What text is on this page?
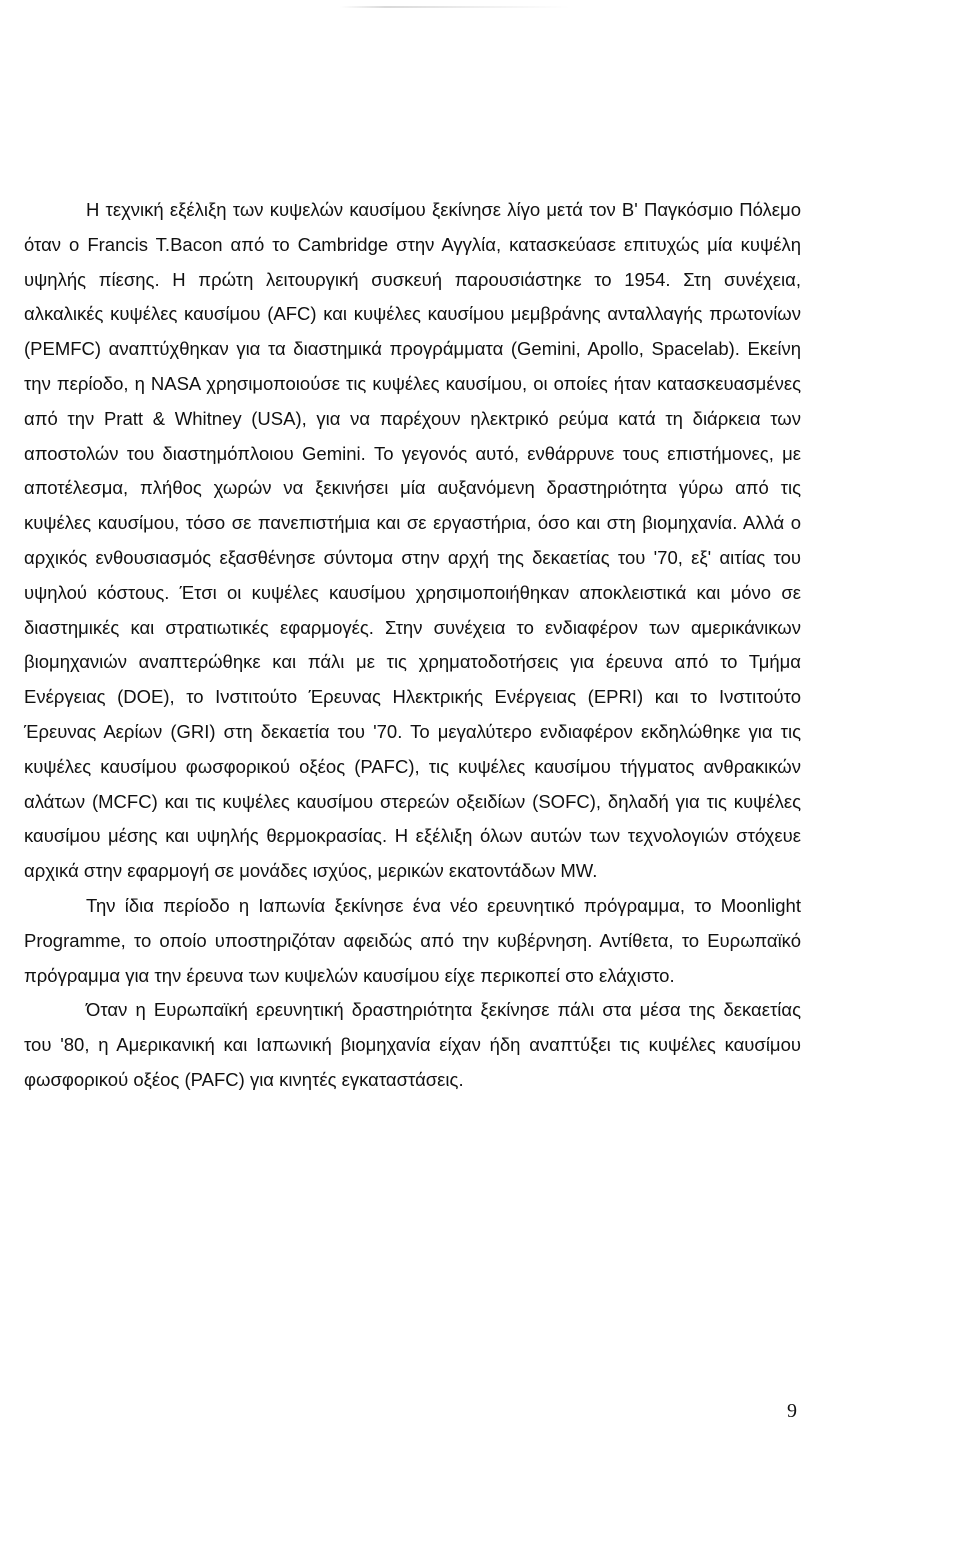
Η τεχνική εξέλιξη των κυψελών καυσίμου ξεκίνησε λίγο μετά τον Β' Παγκόσμιο Πόλεμο όταν ο Francis T.Bacon από το Cambridge στην Αγγλία, κατασκεύασε επιτυχώς μία κυψέλη υψηλής πίεσης. Η πρώτη λειτουργική συσκευή παρουσιάστηκε το 1954. Στη συνέχεια, αλκαλικές κυψέλες καυσίμου (AFC) και κυψέλες καυσίμου μεμβράνης ανταλλαγής πρωτονίων (PEMFC) αναπτύχθηκαν για τα διαστημικά προγράμματα (Gemini, Apollo, Spacelab). Εκείνη την περίοδο, η NASA χρησιμοποιούσε τις κυψέλες καυσίμου, οι οποίες ήταν κατασκευασμένες από την Pratt & Whitney (USA), για να παρέχουν ηλεκτρικό ρεύμα κατά τη διάρκεια των αποστολών του διαστημόπλοιου Gemini. Το γεγονός αυτό, ενθάρρυνε τους επιστήμονες, με αποτέλεσμα, πλήθος χωρών να ξεκινήσει μία αυξανόμενη δραστηριότητα γύρω από τις κυψέλες καυσίμου, τόσο σε πανεπιστήμια και σε εργαστήρια, όσο και στη βιομηχανία. Αλλά ο αρχικός ενθουσιασμός εξασθένησε σύντομα στην αρχή της δεκαετίας του '70, εξ' αιτίας του υψηλού κόστους. Έτσι οι κυψέλες καυσίμου χρησιμοποιήθηκαν αποκλειστικά και μόνο σε διαστημικές και στρατιωτικές εφαρμογές. Στην συνέχεια το ενδιαφέρον των αμερικάνικων βιομηχανιών αναπτερώθηκε και πάλι με τις χρηματοδοτήσεις για έρευνα από το Τμήμα Ενέργειας (DOE), το Ινστιτούτο Έρευνας Ηλεκτρικής Ενέργειας (EPRI) και το Ινστιτούτο Έρευνας Αερίων (GRI) στη δεκαετία του '70. Το μεγαλύτερο ενδιαφέρον εκδηλώθηκε για τις κυψέλες καυσίμου φωσφορικού οξέος (PAFC), τις κυψέλες καυσίμου τήγματος ανθρακικών αλάτων (MCFC) και τις κυψέλες καυσίμου στερεών οξειδίων (SOFC), δηλαδή για τις κυψέλες καυσίμου μέσης και υψηλής θερμοκρασίας. Η εξέλιξη όλων αυτών των τεχνολογιών στόχευε αρχικά στην εφαρμογή σε μονάδες ισχύος, μερικών εκατοντάδων MW.

Την ίδια περίοδο η Ιαπωνία ξεκίνησε ένα νέο ερευνητικό πρόγραμμα, το Moonlight Programme, το οποίο υποστηριζόταν αφειδώς από την κυβέρνηση. Αντίθετα, το Ευρωπαϊκό πρόγραμμα για την έρευνα των κυψελών καυσίμου είχε περικοπεί στο ελάχιστο.

Όταν η Ευρωπαϊκή ερευνητική δραστηριότητα ξεκίνησε πάλι στα μέσα της δεκαετίας του '80, η Αμερικανική και Ιαπωνική βιομηχανία είχαν ήδη αναπτύξει τις κυψέλες καυσίμου φωσφορικού οξέος (PAFC) για κινητές εγκαταστάσεις.

9
